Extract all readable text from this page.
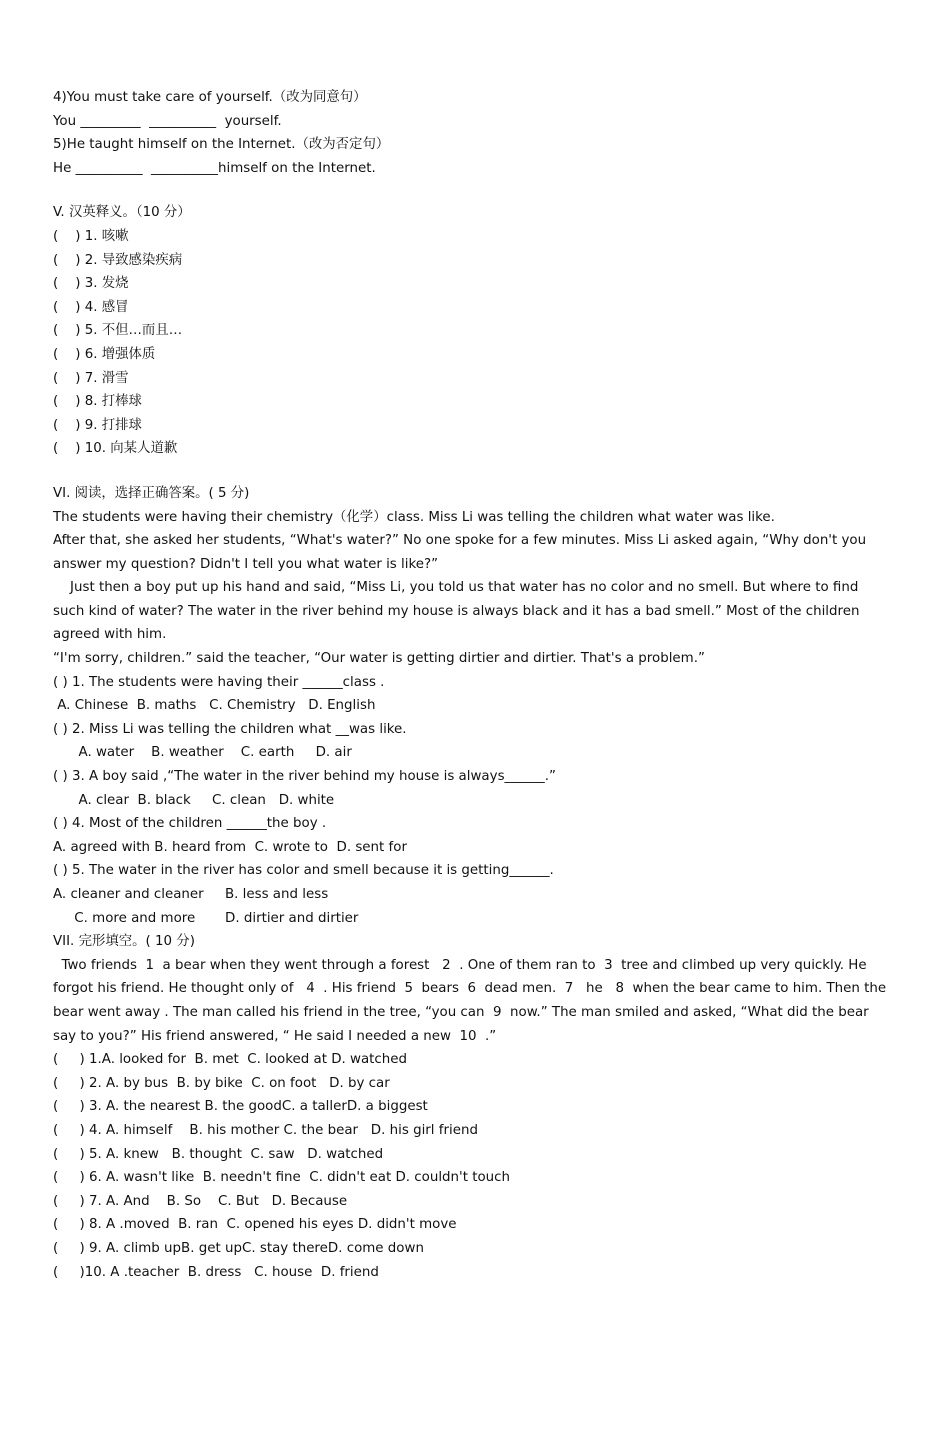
4)You must take care of yourself.（改为同意句）
You _________  __________  yourself.
5)He taught himself on the Internet.（改为否定句）
He __________  __________himself on the Internet.
V. 汉英释义。（10 分）
(    ) 1. 咳嗽
(    ) 2. 导致感染疾病
(    ) 3. 发烧
(    ) 4. 感冒
(    ) 5. 不但…而且…
(    ) 6. 增强体质
(    ) 7. 滑雪
(    ) 8. 打棒球
(    ) 9. 打排球
(    ) 10. 向某人道歉
VI. 阅读，选择正确答案。( 5 分)
The students were having their chemistry（化学）class. Miss Li was telling the children what water was like.
After that, she asked her students, “What's water?” No one spoke for a few minutes. Miss Li asked again, “Why don't you
answer my question? Didn't I tell you what water is like?”
Just then a boy put up his hand and said, “Miss Li, you told us that water has no color and no smell. But where to find
such kind of water? The water in the river behind my house is always black and it has a bad smell.” Most of the children
agreed with him.
“I'm sorry, children.” said the teacher, “Our water is getting dirtier and dirtier. That's a problem.”
( ) 1. The students were having their ______class .
A. Chinese  B. maths   C. Chemistry   D. English
( ) 2. Miss Li was telling the children what __was like.
A. water    B. weather    C. earth     D. air
( ) 3. A boy said ,“The water in the river behind my house is always______.”
A. clear  B. black     C. clean   D. white
( ) 4. Most of the children ______the boy .
A. agreed with B. heard from  C. wrote to  D. sent for
( ) 5. The water in the river has color and smell because it is getting______.
A. cleaner and cleaner     B. less and less
C. more and more       D. dirtier and dirtier
VII. 完形填空。( 10 分)
Two friends  1  a bear when they went through a forest   2  . One of them ran to  3  tree and climbed up very quickly. He
forgot his friend. He thought only of   4  . His friend  5  bears  6  dead men.  7   he   8  when the bear came to him. Then the
bear went away . The man called his friend in the tree, “you can  9  now.” The man smiled and asked, “What did the bear
say to you?” His friend answered, “ He said I needed a new  10  .”
(     ) 1.A. looked for  B. met  C. looked at D. watched
(     ) 2. A. by bus  B. by bike  C. on foot   D. by car
(     ) 3. A. the nearest B. the goodC. a tallerD. a biggest
(     ) 4. A. himself    B. his mother C. the bear   D. his girl friend
(     ) 5. A. knew   B. thought  C. saw   D. watched
(     ) 6. A. wasn't like  B. needn't fine  C. didn't eat D. couldn't touch
(     ) 7. A. And    B. So    C. But   D. Because
(     ) 8. A .moved  B. ran  C. opened his eyes D. didn't move
(     ) 9. A. climb upB. get upC. stay thereD. come down
(     )10. A .teacher  B. dress   C. house  D. friend
